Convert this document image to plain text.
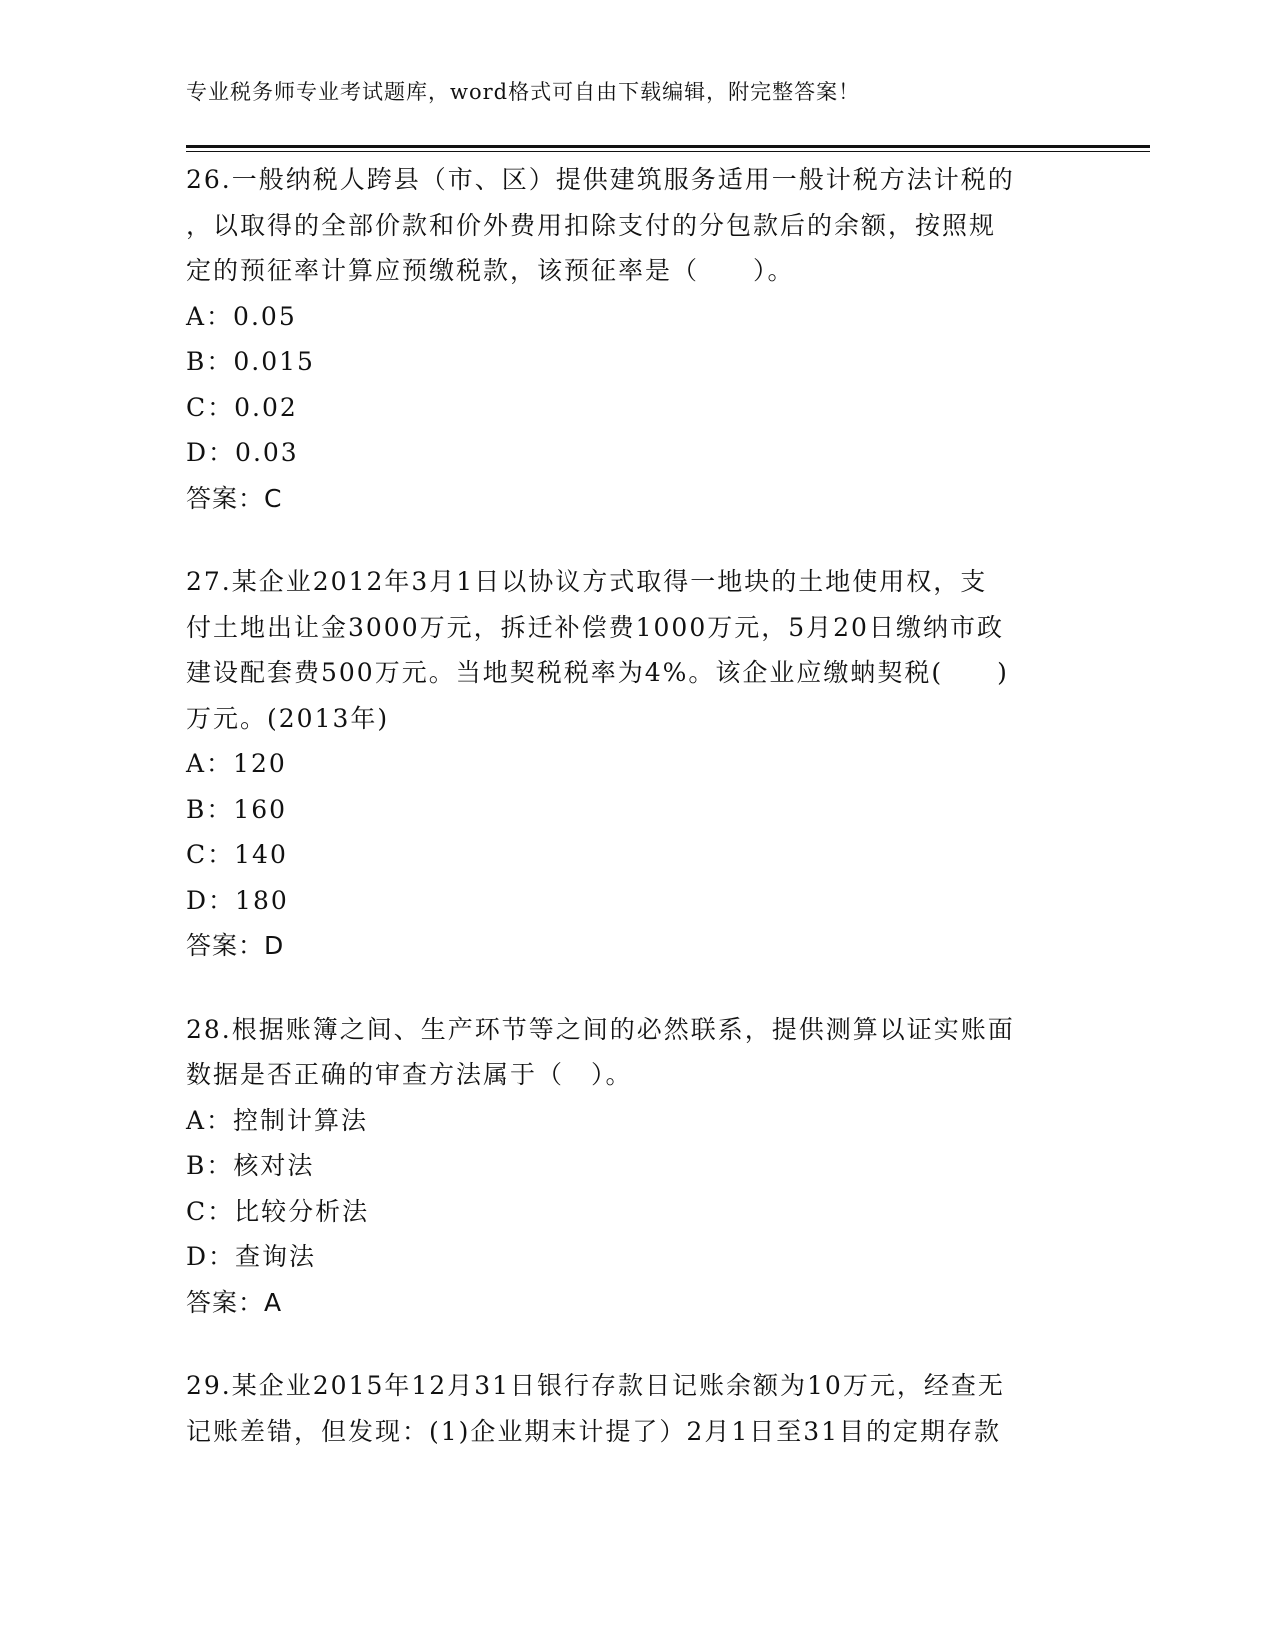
专业税务师专业考试题库，word格式可自由下载编辑，附完整答案！
26.一般纳税人跨县（市、区）提供建筑服务适用一般计税方法计税的
，以取得的全部价款和价外费用扣除支付的分包款后的余额，按照规
定的预征率计算应预缴税款，该预征率是（　　）。
A：0.05
B：0.015
C：0.02
D：0.03
答案：C
27.某企业2012年3月1日以协议方式取得一地块的土地使用权，支
付土地出让金3000万元，拆迁补偿费1000万元，5月20日缴纳市政
建设配套费500万元。当地契税税率为4%。该企业应缴蚋契税(　　)
万元。(2013年)
A：120
B：160
C：140
D：180
答案：D
28.根据账簿之间、生产环节等之间的必然联系，提供测算以证实账面
数据是否正确的审查方法属于（　）。
A：控制计算法
B：核对法
C：比较分析法
D：查询法
答案：A
29.某企业2015年12月31日银行存款日记账余额为10万元，经查无
记账差错，但发现：(1)企业期末计提了）2月1日至31目的定期存款
